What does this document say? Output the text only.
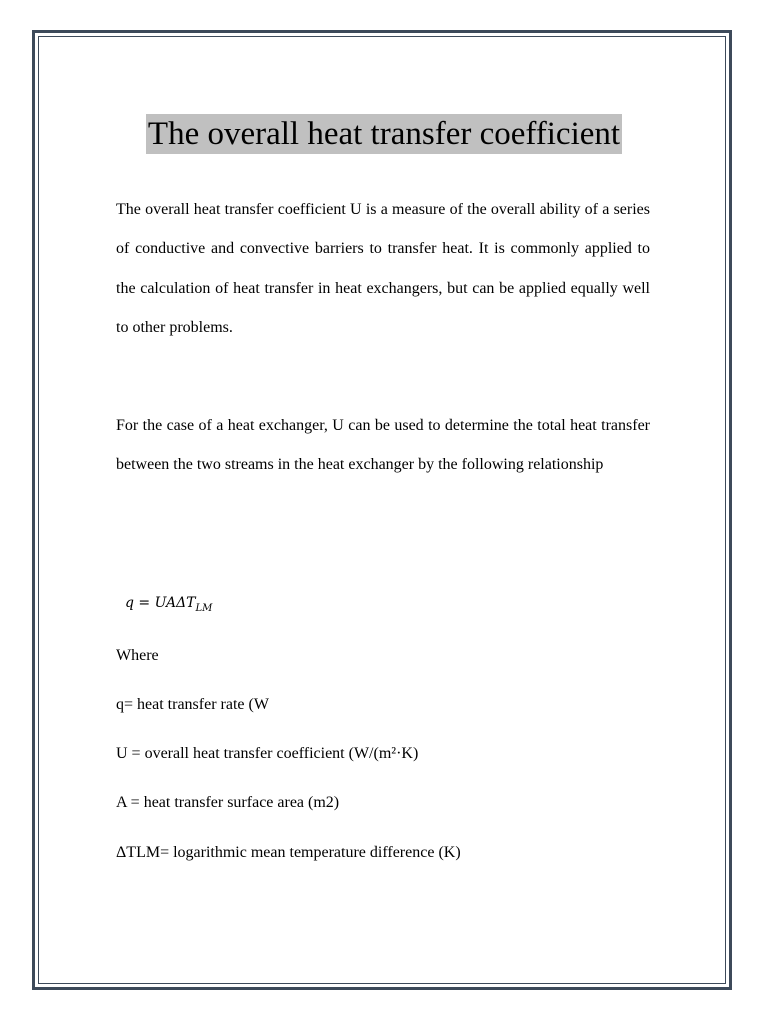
The overall heat transfer coefficient

The overall heat transfer coefficient U is a measure of the overall ability of a series of conductive and convective barriers to transfer heat. It is commonly applied to the calculation of heat transfer in heat exchangers, but can be applied equally well to other problems.

For the case of a heat exchanger, U can be used to determine the total heat transfer between the two streams in the heat exchanger by the following relationship

$q = UA\Delta T_{LM}$

Where

q= heat transfer rate (W

U = overall heat transfer coefficient (W/(m²·K)

A = heat transfer surface area (m2)

ΔTLM= logarithmic mean temperature difference (K)
